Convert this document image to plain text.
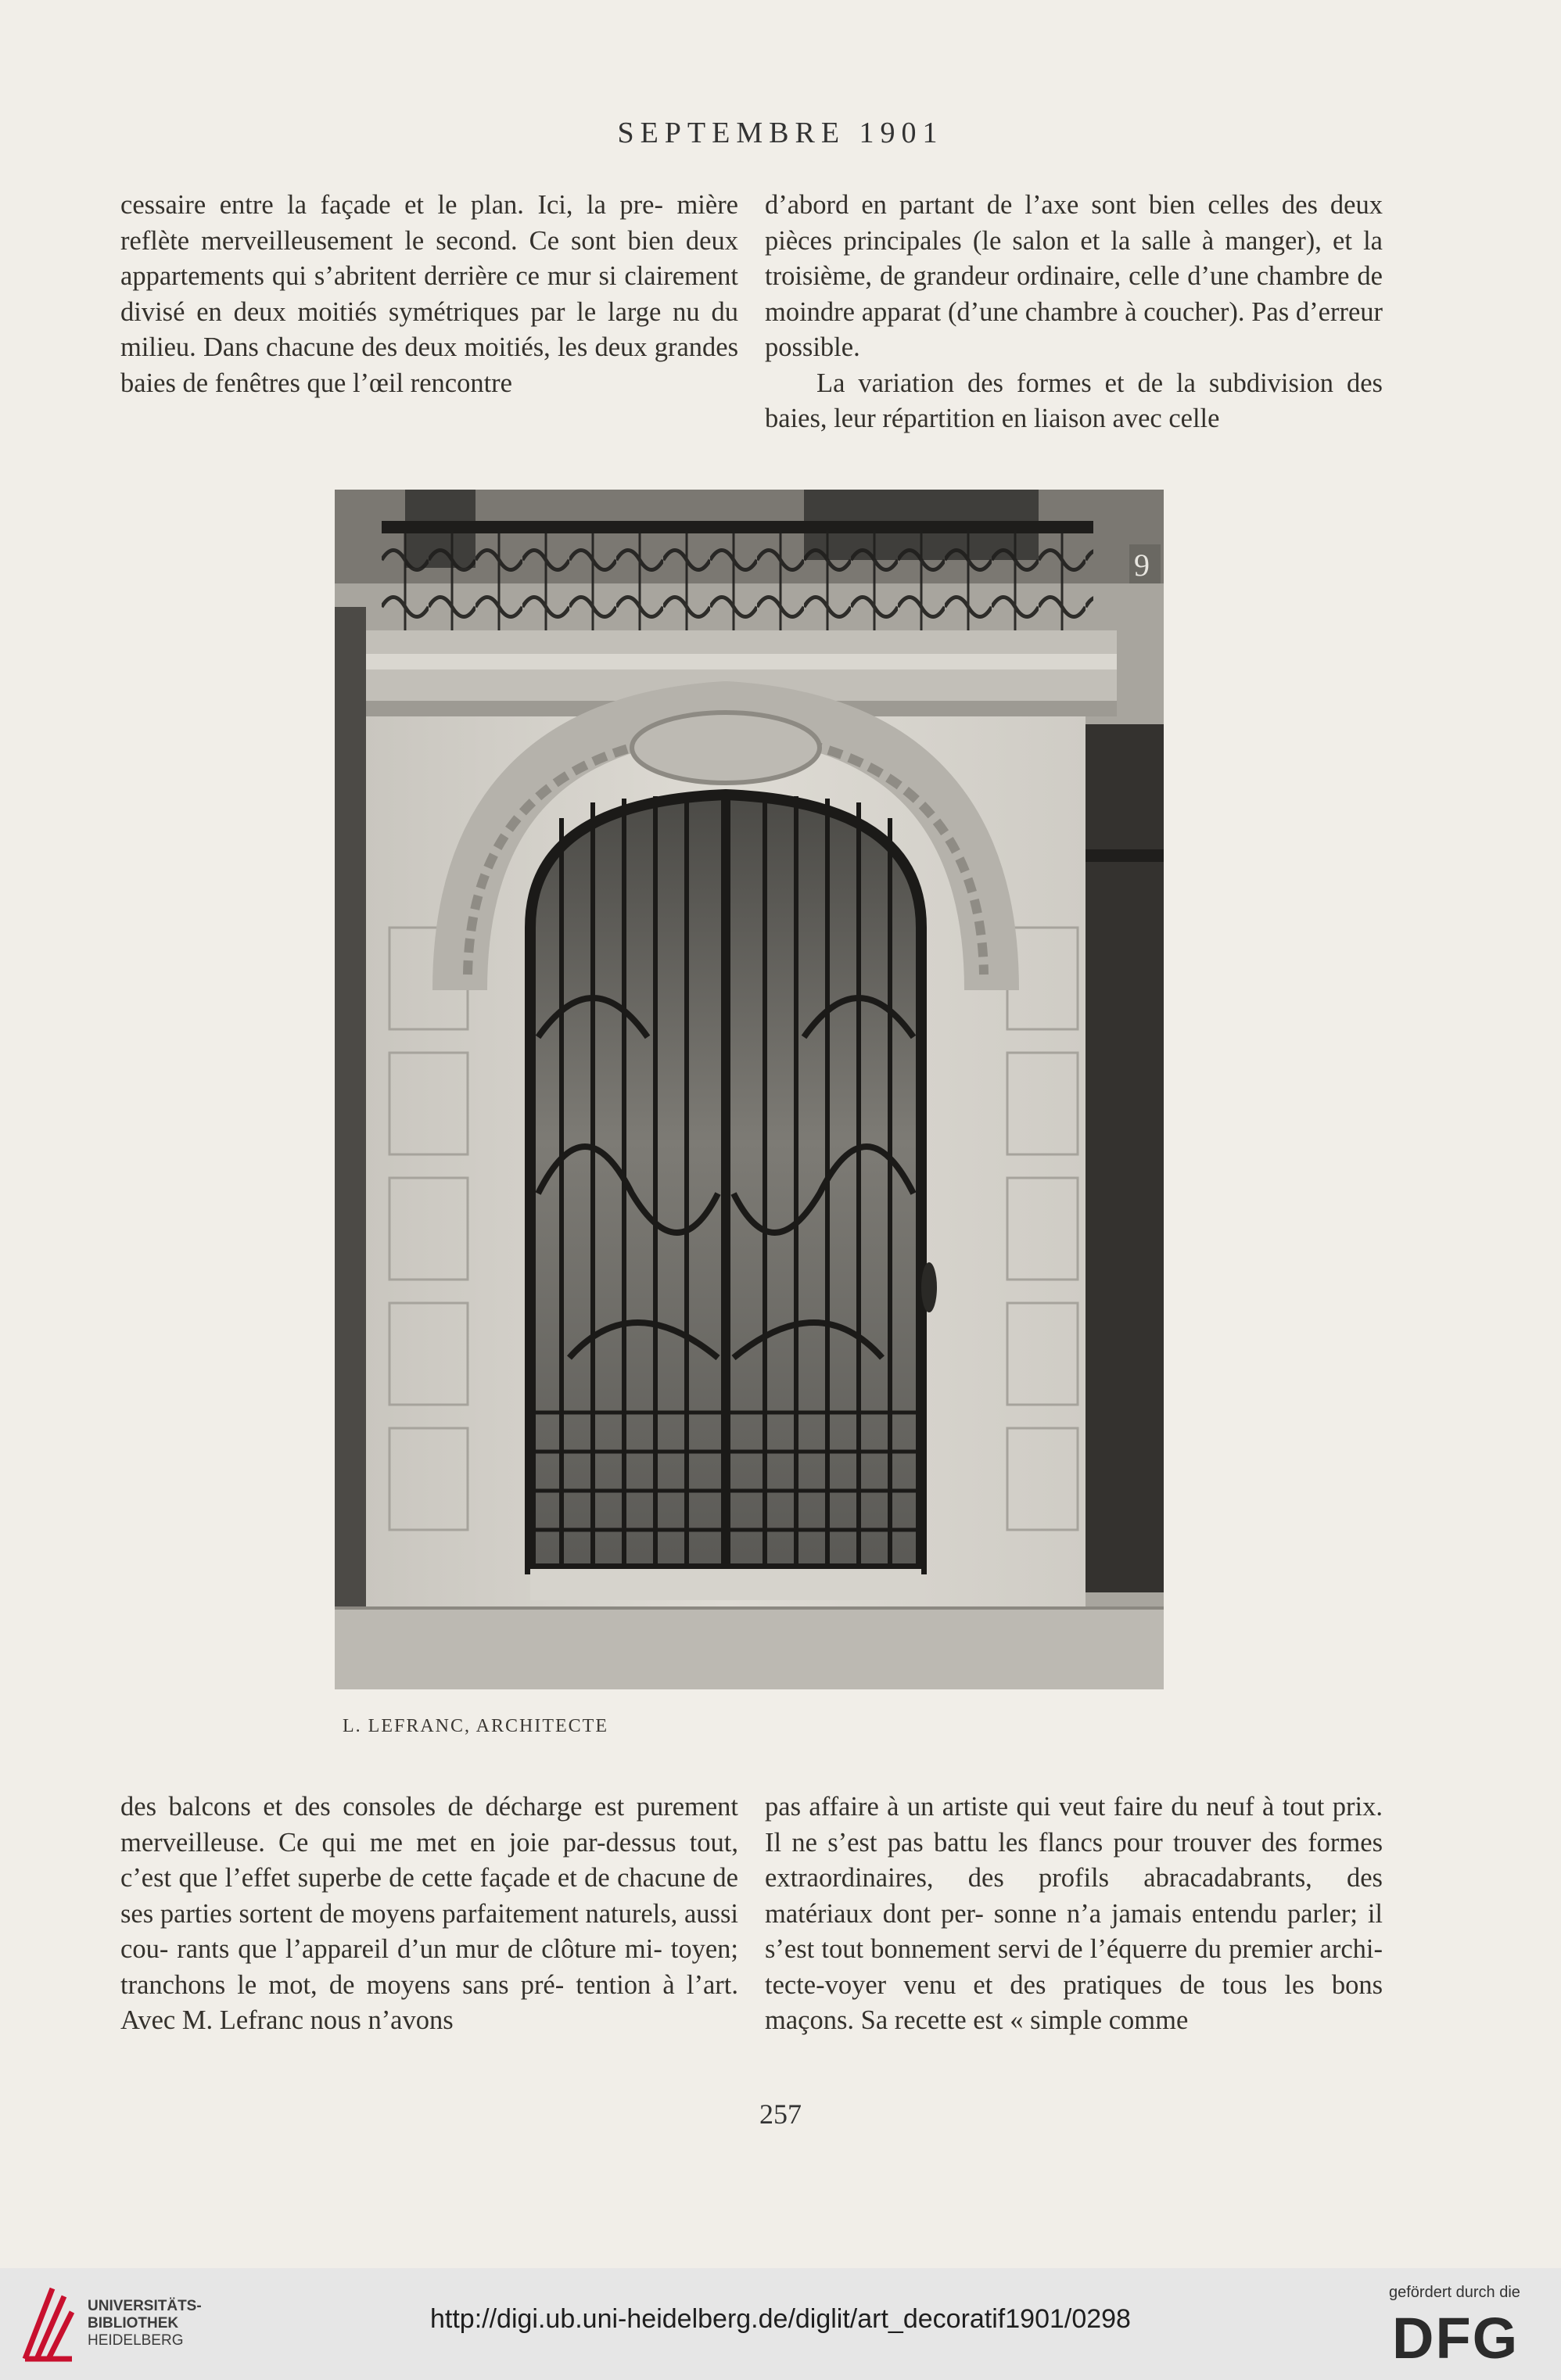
SEPTEMBRE 1901

cessaire entre la façade et le plan. Ici, la pre- mière reflète merveilleusement le second. Ce sont bien deux appartements qui s’abritent derrière ce mur si clairement divisé en deux moitiés symétriques par le large nu du milieu. Dans chacune des deux moitiés, les deux grandes baies de fenêtres que l’œil rencontre

d’abord en partant de l’axe sont bien celles des deux pièces principales (le salon et la salle à manger), et la troisième, de grandeur ordinaire, celle d’une chambre de moindre apparat (d’une chambre à coucher). Pas d’erreur possible.

La variation des formes et de la subdivision des baies, leur répartition en liaison avec celle

9
L. LEFRANC, ARCHITECTE

des balcons et des consoles de décharge est purement merveilleuse. Ce qui me met en joie par-dessus tout, c’est que l’effet superbe de cette façade et de chacune de ses parties sortent de moyens parfaitement naturels, aussi cou- rants que l’appareil d’un mur de clôture mi- toyen; tranchons le mot, de moyens sans pré- tention à l’art. Avec M. Lefranc nous n’avons

pas affaire à un artiste qui veut faire du neuf à tout prix. Il ne s’est pas battu les flancs pour trouver des formes extraordinaires, des profils abracadabrants, des matériaux dont per- sonne n’a jamais entendu parler; il s’est tout bonnement servi de l’équerre du premier archi- tecte-voyer venu et des pratiques de tous les bons maçons. Sa recette est « simple comme

257
UNIVERSITÄTS-
BIBLIOTHEK
HEIDELBERG
http://digi.ub.uni-heidelberg.de/diglit/art_decoratif1901/0298
gefördert durch die
DFG
